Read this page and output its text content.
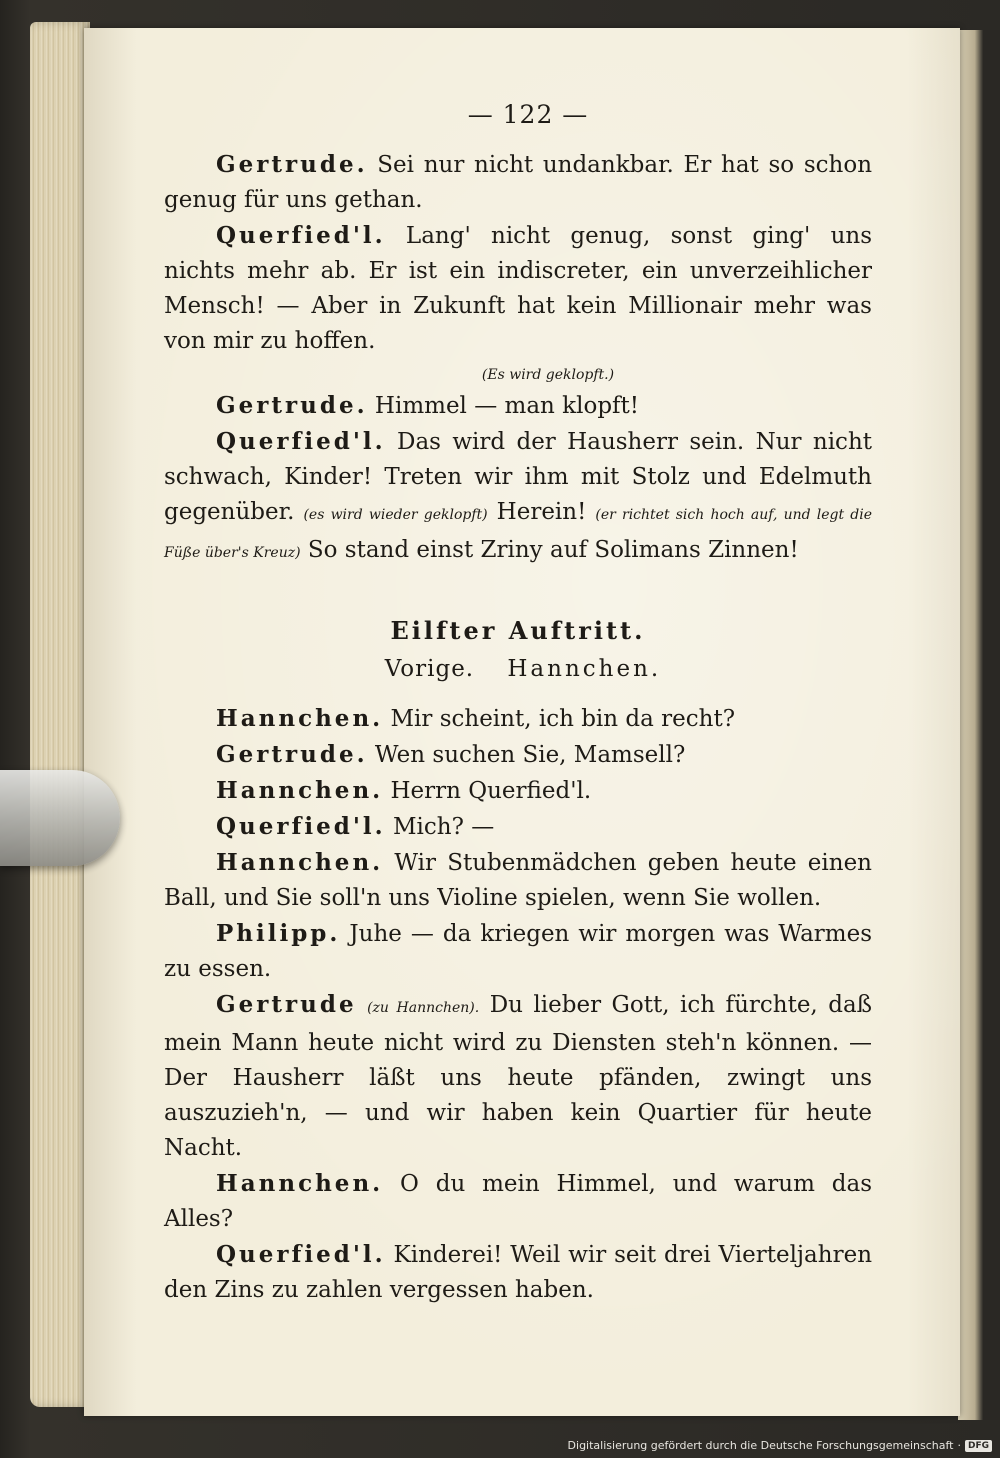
— 122 —

Gertrude. Sei nur nicht undankbar. Er hat so schon genug für uns gethan.

Querfied'l. Lang' nicht genug, sonst ging' uns nichts mehr ab. Er ist ein indiscreter, ein unverzeihlicher Mensch! — Aber in Zukunft hat kein Millionair mehr was von mir zu hoffen.

(Es wird geklopft.)

Gertrude. Himmel — man klopft!

Querfied'l. Das wird der Hausherr sein. Nur nicht schwach, Kinder! Treten wir ihm mit Stolz und Edelmuth gegenüber. (es wird wieder geklopft) Herein! (er richtet sich hoch auf, und legt die Füße über's Kreuz) So stand einst Zriny auf Solimans Zinnen!

Eilfter Auftritt.
Vorige. Hannchen.

Hannchen. Mir scheint, ich bin da recht?

Gertrude. Wen suchen Sie, Mamsell?

Hannchen. Herrn Querfied'l.

Querfied'l. Mich? —

Hannchen. Wir Stubenmädchen geben heute einen Ball, und Sie soll'n uns Violine spielen, wenn Sie wollen.

Philipp. Juhe — da kriegen wir morgen was Warmes zu essen.

Gertrude (zu Hannchen). Du lieber Gott, ich fürchte, daß mein Mann heute nicht wird zu Diensten steh'n können. — Der Hausherr läßt uns heute pfänden, zwingt uns auszuzieh'n, — und wir haben kein Quartier für heute Nacht.

Hannchen. O du mein Himmel, und warum das Alles?

Querfied'l. Kinderei! Weil wir seit drei Vierteljahren den Zins zu zahlen vergessen haben.

Digitalisierung gefördert durch die Deutsche Forschungsgemeinschaft · DFG
